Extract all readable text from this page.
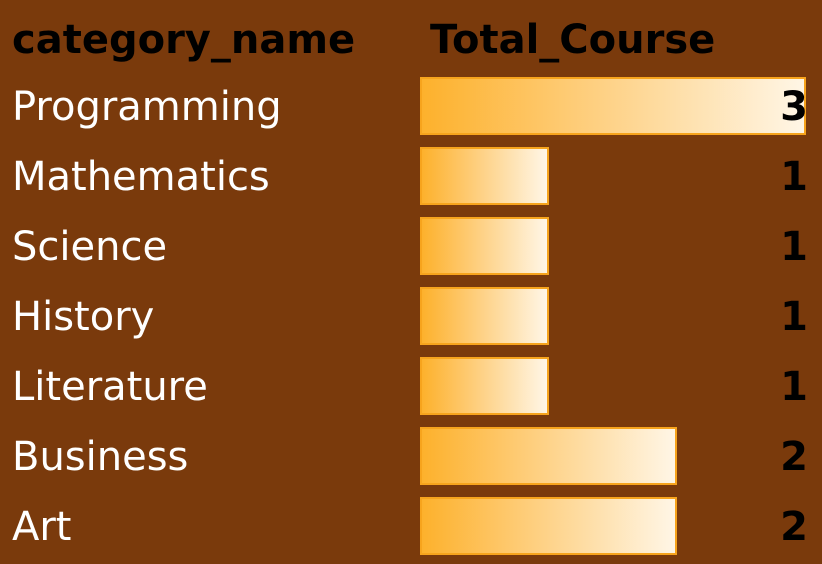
category_name Total_Course
Programming	3
Mathematics	1
Science	1
History	1
Literature	1
Business	2
Art	2
